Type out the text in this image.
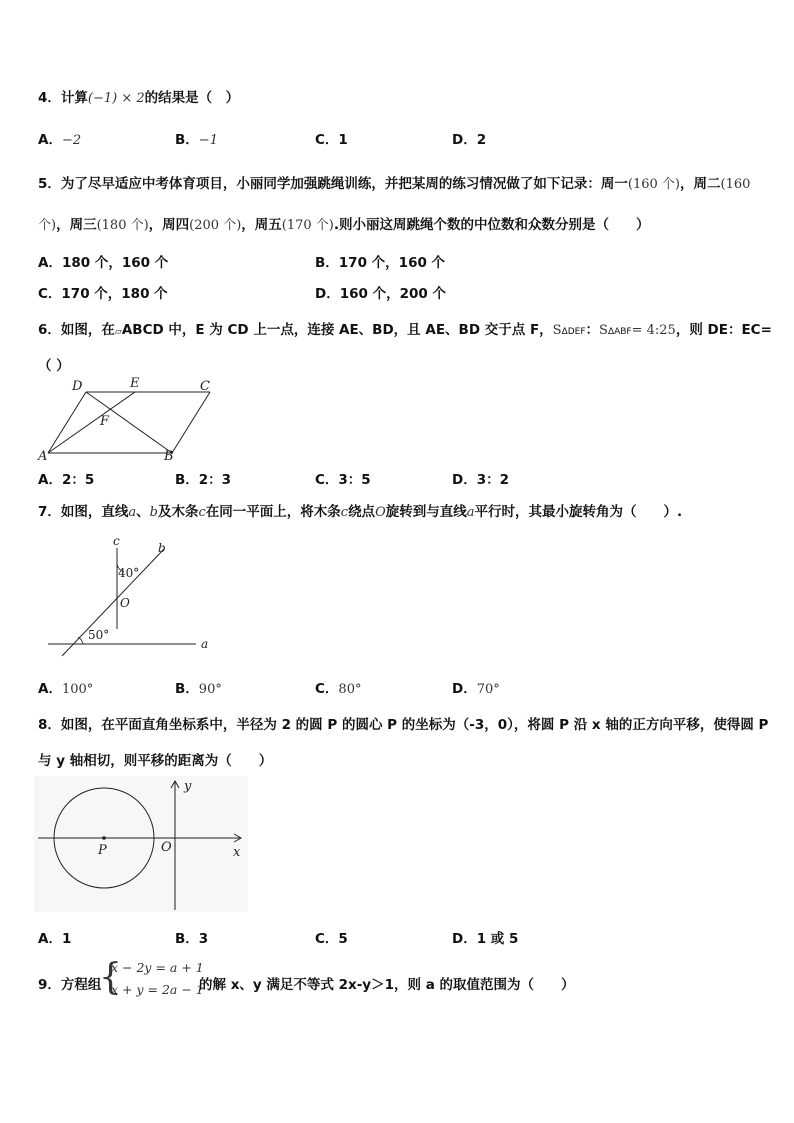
4．计算(−1) × 2的结果是（　）
A．−2	B．−1	C．1	D．2
5．为了尽早适应中考体育项目，小丽同学加强跳绳训练，并把某周的练习情况做了如下记录：周一(160 个)，周二(160
个)，周三(180 个)，周四(200 个)，周五(170 个).则小丽这周跳绳个数的中位数和众数分别是（　　）
A．180 个，160 个	B．170 个，160 个
C．170 个，180 个	D．160 个，200 个
6．如图，在▱ABCD 中，E 为 CD 上一点，连接 AE、BD，且 AE、BD 交于点 F，SΔDEF：SΔABF= 4:25，则 DE：EC=
（ ）
D	E	C
F
A	B
A．2：5	B．2：3	C．3：5	D．3：2
7．如图，直线a、b及木条c在同一平面上，将木条c绕点O旋转到与直线a平行时，其最小旋转角为（　　）.
c	b
40°
O
50°
a
A．100°	B．90°	C．80°	D．70°
8．如图，在平面直角坐标系中，半径为 2 的圆 P 的圆心 P 的坐标为（-3，0），将圆 P 沿 x 轴的正方向平移，使得圆 P
与 y 轴相切，则平移的距离为（　　）
y
P	O	x
A．1	B．3	C．5	D．1 或 5
9．方程组
{
x − 2y = a + 1
x + y = 2a − 1
的解 x、y 满足不等式 2x-y＞1，则 a 的取值范围为（　　）
